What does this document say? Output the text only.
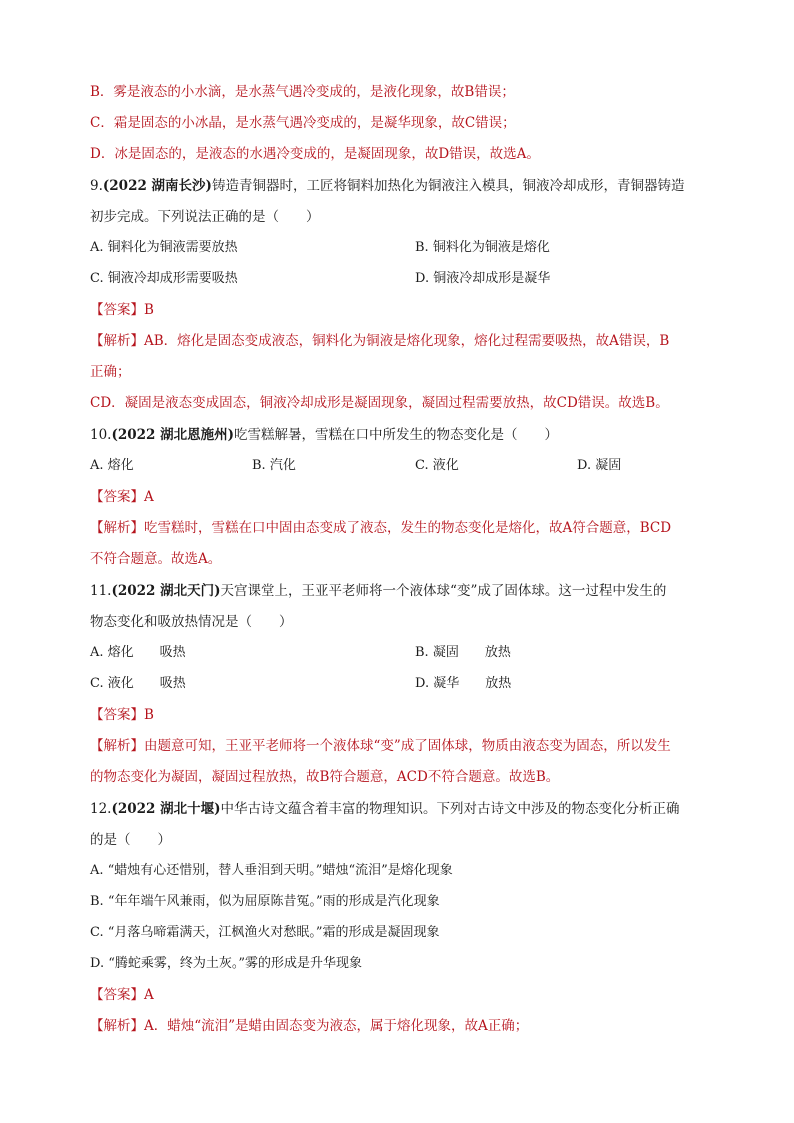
B．雾是液态的小水滴，是水蒸气遇冷变成的，是液化现象，故B错误；
C．霜是固态的小冰晶，是水蒸气遇冷变成的，是凝华现象，故C错误；
D．冰是固态的，是液态的水遇冷变成的，是凝固现象，故D错误，故选A。
9.(2022 湖南长沙)铸造青铜器时，工匠将铜料加热化为铜液注入模具，铜液冷却成形，青铜器铸造
初步完成。下列说法正确的是（　　）
A. 铜料化为铜液需要放热	B. 铜料化为铜液是熔化
C. 铜液冷却成形需要吸热	D. 铜液冷却成形是凝华
【答案】B
【解析】AB．熔化是固态变成液态，铜料化为铜液是熔化现象，熔化过程需要吸热，故A错误，B
正确；
CD．凝固是液态变成固态，铜液冷却成形是凝固现象，凝固过程需要放热，故CD错误。故选B。
10.(2022 湖北恩施州)吃雪糕解暑，雪糕在口中所发生的物态变化是（　　）
A. 熔化	B. 汽化	C. 液化	D. 凝固
【答案】A
【解析】吃雪糕时，雪糕在口中固由态变成了液态，发生的物态变化是熔化，故A符合题意，BCD
不符合题意。故选A。
11.(2022 湖北天门)天宫课堂上，王亚平老师将一个液体球“变”成了固体球。这一过程中发生的
物态变化和吸放热情况是（　　）
A. 熔化 吸热	B. 凝固 放热
C. 液化 吸热	D. 凝华 放热
【答案】B
【解析】由题意可知，王亚平老师将一个液体球“变”成了固体球，物质由液态变为固态，所以发生
的物态变化为凝固，凝固过程放热，故B符合题意，ACD不符合题意。故选B。
12.(2022 湖北十堰)中华古诗文蕴含着丰富的物理知识。下列对古诗文中涉及的物态变化分析正确
的是（　　）
A. “蜡烛有心还惜别，替人垂泪到天明。”蜡烛“流泪”是熔化现象
B. “年年端午风兼雨，似为屈原陈昔冤。”雨的形成是汽化现象
C. “月落乌啼霜满天，江枫渔火对愁眠。”霜的形成是凝固现象
D. “腾蛇乘雾，终为土灰。”雾的形成是升华现象
【答案】A
【解析】A．蜡烛“流泪”是蜡由固态变为液态，属于熔化现象，故A正确；
